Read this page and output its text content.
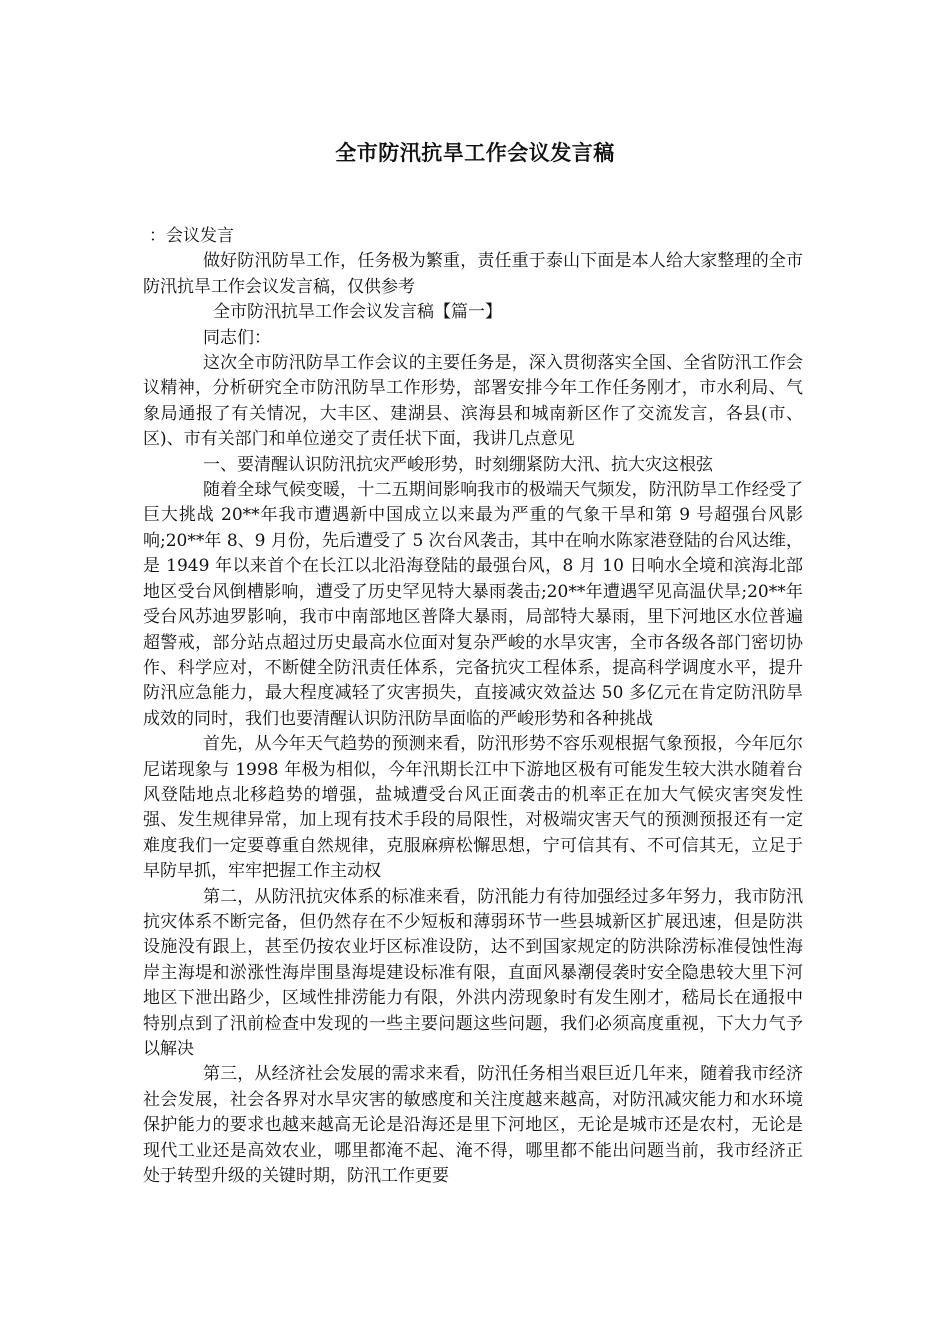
全市防汛抗旱工作会议发言稿

：会议发言

做好防汛防旱工作，任务极为繁重，责任重于泰山下面是本人给大家整理的全市防汛抗旱工作会议发言稿，仅供参考

全市防汛抗旱工作会议发言稿【篇一】

同志们：

这次全市防汛防旱工作会议的主要任务是，深入贯彻落实全国、全省防汛工作会议精神，分析研究全市防汛防旱工作形势，部署安排今年工作任务刚才，市水利局、气象局通报了有关情况，大丰区、建湖县、滨海县和城南新区作了交流发言，各县(市、区)、市有关部门和单位递交了责任状下面，我讲几点意见

一、要清醒认识防汛抗灾严峻形势，时刻绷紧防大汛、抗大灾这根弦

随着全球气候变暖，十二五期间影响我市的极端天气频发，防汛防旱工作经受了巨大挑战 20**年我市遭遇新中国成立以来最为严重的气象干旱和第 9 号超强台风影响;20**年 8、9 月份，先后遭受了 5 次台风袭击，其中在响水陈家港登陆的台风达维，是 1949 年以来首个在长江以北沿海登陆的最强台风，8 月 10 日响水全境和滨海北部地区受台风倒槽影响，遭受了历史罕见特大暴雨袭击;20**年遭遇罕见高温伏旱;20**年受台风苏迪罗影响，我市中南部地区普降大暴雨，局部特大暴雨，里下河地区水位普遍超警戒，部分站点超过历史最高水位面对复杂严峻的水旱灾害，全市各级各部门密切协作、科学应对，不断健全防汛责任体系，完备抗灾工程体系，提高科学调度水平，提升防汛应急能力，最大程度减轻了灾害损失，直接减灾效益达 50 多亿元在肯定防汛防旱成效的同时，我们也要清醒认识防汛防旱面临的严峻形势和各种挑战

首先，从今年天气趋势的预测来看，防汛形势不容乐观根据气象预报，今年厄尔尼诺现象与 1998 年极为相似，今年汛期长江中下游地区极有可能发生较大洪水随着台风登陆地点北移趋势的增强，盐城遭受台风正面袭击的机率正在加大气候灾害突发性强、发生规律异常，加上现有技术手段的局限性，对极端灾害天气的预测预报还有一定难度我们一定要尊重自然规律，克服麻痹松懈思想，宁可信其有、不可信其无，立足于早防早抓，牢牢把握工作主动权

第二，从防汛抗灾体系的标准来看，防汛能力有待加强经过多年努力，我市防汛抗灾体系不断完备，但仍然存在不少短板和薄弱环节一些县城新区扩展迅速，但是防洪设施没有跟上，甚至仍按农业圩区标准设防，达不到国家规定的防洪除涝标准侵蚀性海岸主海堤和淤涨性海岸围垦海堤建设标准有限，直面风暴潮侵袭时安全隐患较大里下河地区下泄出路少，区域性排涝能力有限，外洪内涝现象时有发生刚才，嵇局长在通报中特别点到了汛前检查中发现的一些主要问题这些问题，我们必须高度重视，下大力气予以解决

第三，从经济社会发展的需求来看，防汛任务相当艰巨近几年来，随着我市经济社会发展，社会各界对水旱灾害的敏感度和关注度越来越高，对防汛减灾能力和水环境保护能力的要求也越来越高无论是沿海还是里下河地区，无论是城市还是农村，无论是现代工业还是高效农业，哪里都淹不起、淹不得，哪里都不能出问题当前，我市经济正处于转型升级的关键时期，防汛工作更要
